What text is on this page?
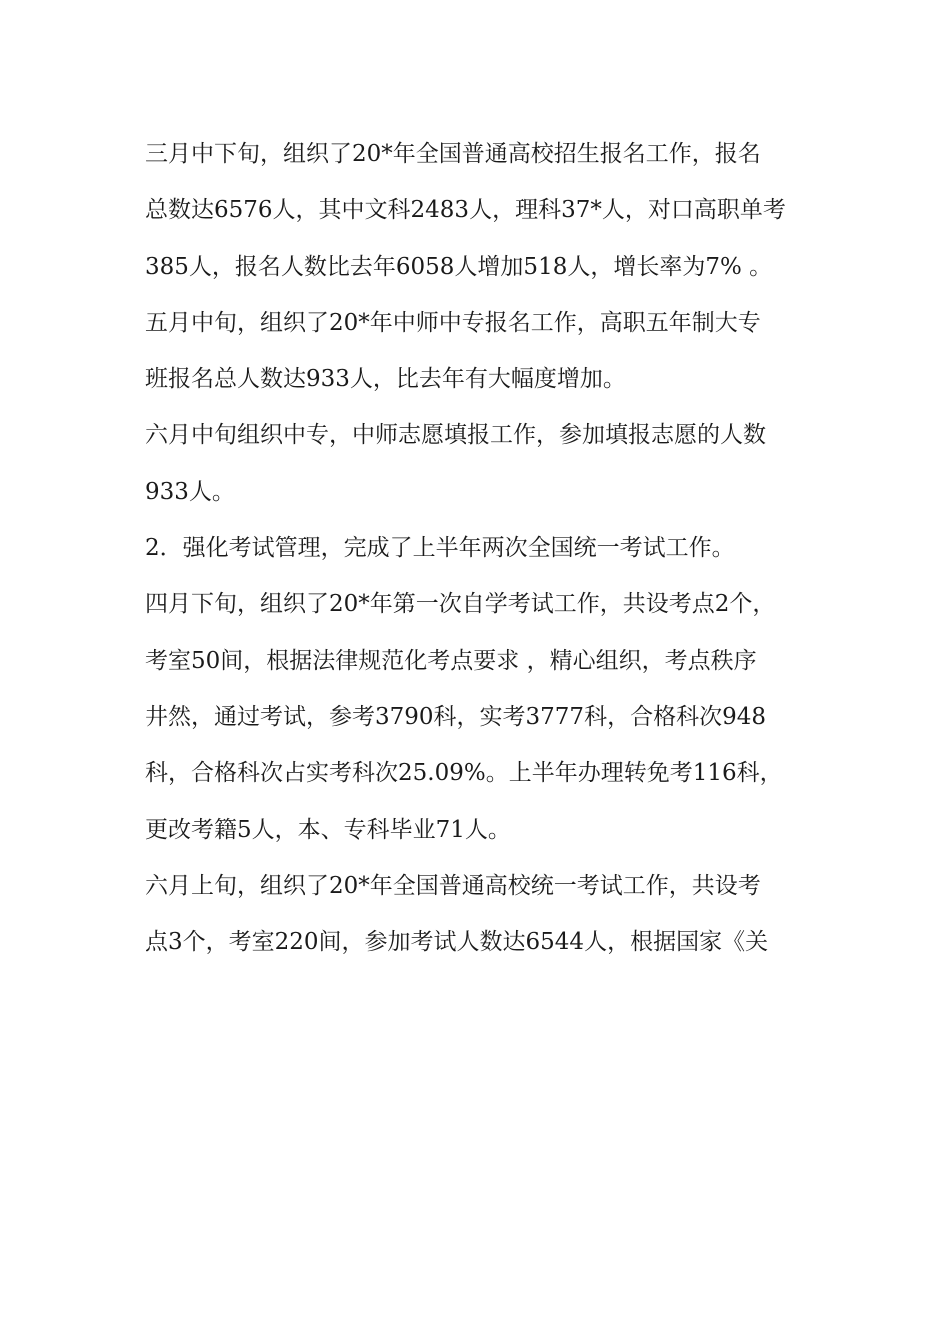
三月中下旬，组织了20*年全国普通高校招生报名工作，报名
总数达6576人，其中文科2483人，理科37*人，对口高职单考
385人，报名人数比去年6058人增加518人，增长率为7% 。
五月中旬，组织了20*年中师中专报名工作，高职五年制大专
班报名总人数达933人，比去年有大幅度增加。
六月中旬组织中专，中师志愿填报工作，参加填报志愿的人数
933人。
2．强化考试管理，完成了上半年两次全国统一考试工作。
四月下旬，组织了20*年第一次自学考试工作，共设考点2个，
考室50间，根据法律规范化考点要求 ，精心组织，考点秩序
井然，通过考试，参考3790科，实考3777科，合格科次948
科，合格科次占实考科次25.09%。上半年办理转免考116科，
更改考籍5人，本、专科毕业71人。
六月上旬，组织了20*年全国普通高校统一考试工作，共设考
点3个，考室220间，参加考试人数达6544人，根据国家《关
